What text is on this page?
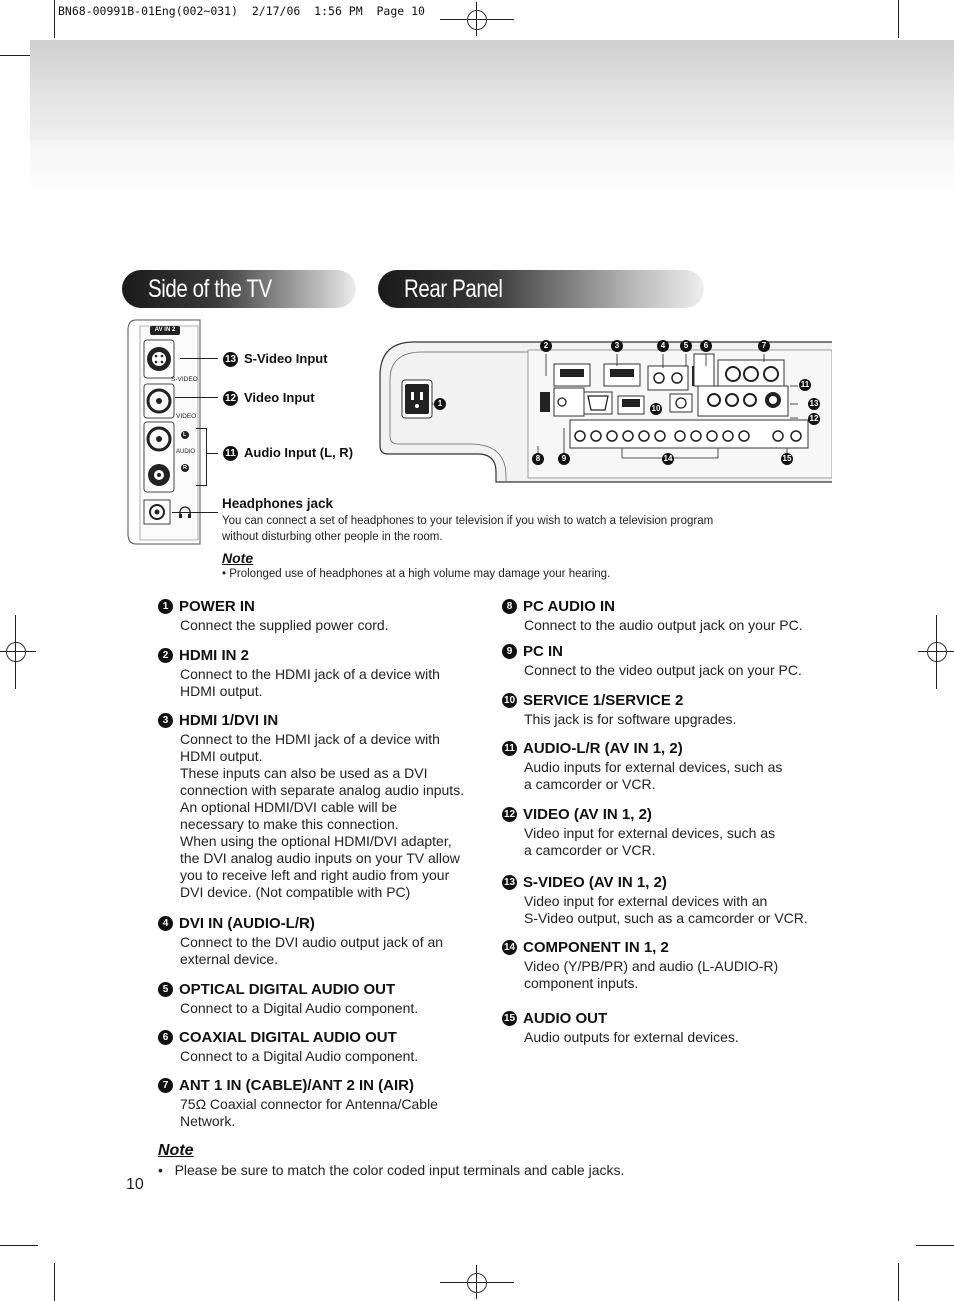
BN68-00991B-01Eng(002~031)  2/17/06  1:56 PM  Page 10
Side of the TV	Rear Panel
AV IN 2
S-VIDEO
VIDEO
L
AUDIO
R
13 S-Video Input
12 Video Input
11 Audio Input (L, R)
Headphones jack
You can connect a set of headphones to your television if you wish to watch a television program
without disturbing other people in the room.
Note
• Prolonged use of headphones at a high volume may damage your hearing.
1
2	3	4	5	6	7
10
11
13
12
8	9	14	15
1 POWER IN
Connect the supplied power cord.
2 HDMI IN 2
Connect to the HDMI jack of a device with
HDMI output.
3 HDMI 1/DVI IN
Connect to the HDMI jack of a device with
HDMI output.
These inputs can also be used as a DVI
connection with separate analog audio inputs.
An optional HDMI/DVI cable will be
necessary to make this connection.
When using the optional HDMI/DVI adapter,
the DVI analog audio inputs on your TV allow
you to receive left and right audio from your
DVI device. (Not compatible with PC)
4 DVI IN (AUDIO-L/R)
Connect to the DVI audio output jack of an
external device.
5 OPTICAL DIGITAL AUDIO OUT
Connect to a Digital Audio component.
6 COAXIAL DIGITAL AUDIO OUT
Connect to a Digital Audio component.
7 ANT 1 IN (CABLE)/ANT 2 IN (AIR)
75Ω Coaxial connector for Antenna/Cable
Network.
8 PC AUDIO IN
Connect to the audio output jack on your PC.
9 PC IN
Connect to the video output jack on your PC.
10 SERVICE 1/SERVICE 2
This jack is for software upgrades.
11 AUDIO-L/R (AV IN 1, 2)
Audio inputs for external devices, such as
a camcorder or VCR.
12 VIDEO (AV IN 1, 2)
Video input for external devices, such as
a camcorder or VCR.
13 S-VIDEO (AV IN 1, 2)
Video input for external devices with an
S-Video output, such as a camcorder or VCR.
14 COMPONENT IN 1, 2
Video (Y/PB/PR) and audio (L-AUDIO-R)
component inputs.
15 AUDIO OUT
Audio outputs for external devices.
Note
•   Please be sure to match the color coded input terminals and cable jacks.
10
